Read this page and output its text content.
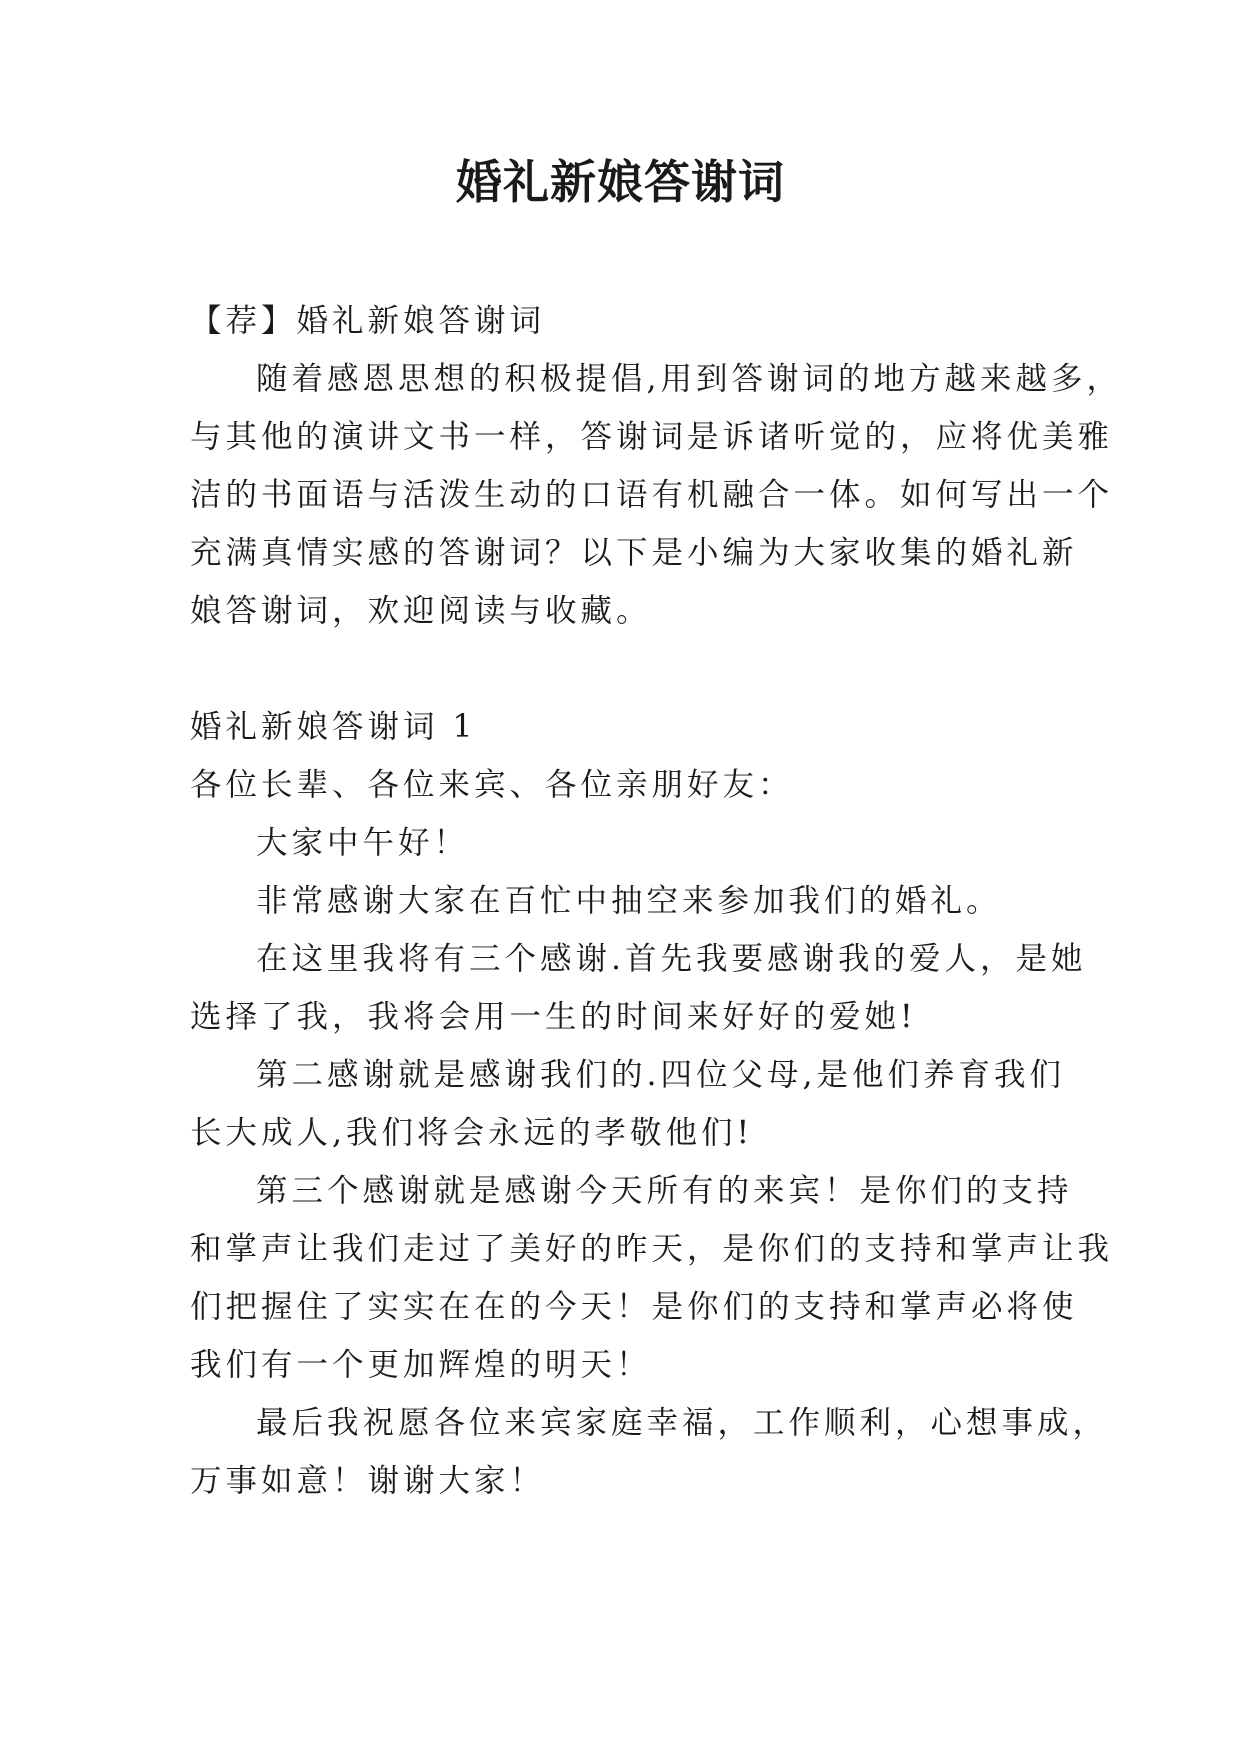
婚礼新娘答谢词
【荐】婚礼新娘答谢词
随着感恩思想的积极提倡,用到答谢词的地方越来越多，
与其他的演讲文书一样，答谢词是诉诸听觉的，应将优美雅
洁的书面语与活泼生动的口语有机融合一体。如何写出一个
充满真情实感的答谢词？以下是小编为大家收集的婚礼新
娘答谢词，欢迎阅读与收藏。
婚礼新娘答谢词 1
各位长辈、各位来宾、各位亲朋好友：
大家中午好！
非常感谢大家在百忙中抽空来参加我们的婚礼。
在这里我将有三个感谢.首先我要感谢我的爱人，是她
选择了我，我将会用一生的时间来好好的爱她!
第二感谢就是感谢我们的.四位父母,是他们养育我们
长大成人,我们将会永远的孝敬他们!
第三个感谢就是感谢今天所有的来宾！是你们的支持
和掌声让我们走过了美好的昨天，是你们的支持和掌声让我
们把握住了实实在在的今天！是你们的支持和掌声必将使
我们有一个更加辉煌的明天！
最后我祝愿各位来宾家庭幸福，工作顺利，心想事成，
万事如意！谢谢大家！
